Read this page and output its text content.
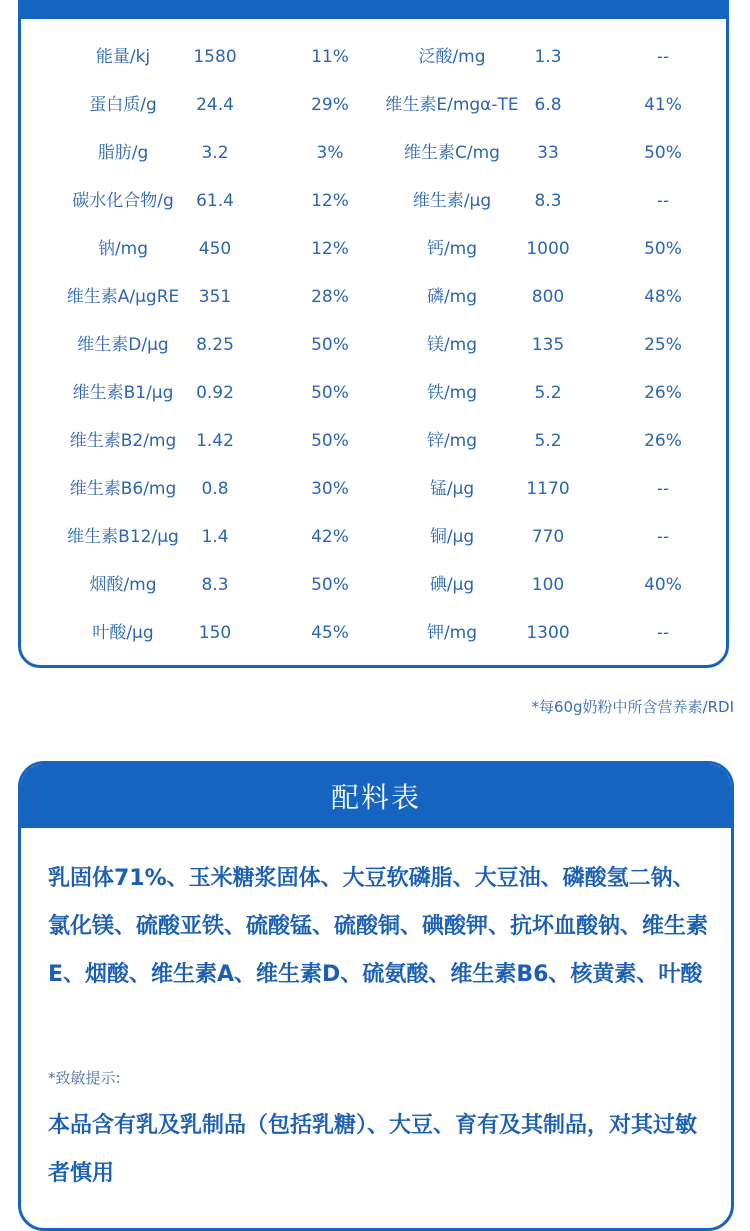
能量/kj	1580	11%	泛酸/mg	1.3	--
蛋白质/g 24.4	29% 维生素E/mgα-TE 6.8	41%
脂肪/g	3.2	3%	维生素C/mg 33	50%
碳水化合物/g 61.4	12%	维生素/μg	8.3	--
钠/mg	450	12%	钙/mg	1000	50%
维生素A/μgRE 351	28%	磷/mg	800	48%
维生素D/μg 8.25	50%	镁/mg	135	25%
维生素B1/μg 0.92	50%	铁/mg	5.2	26%
维生素B2/mg 1.42	50%	锌/mg	5.2	26%
维生素B6/mg 0.8	30%	锰/μg	1170	--
维生素B12/μg 1.4	42%	铜/μg	770	--
烟酸/mg	8.3	50%	碘/μg	100	40%
叶酸/μg	150	45%	钾/mg	1300	--
*每60g奶粉中所含营养素/RDI
配料表
乳固体71%、玉米糖浆固体、大豆软磷脂、大豆油、磷酸氢二钠、氯化镁、硫酸亚铁、硫酸锰、硫酸铜、碘酸钾、抗坏血酸钠、维生素E、烟酸、维生素A、维生素D、硫氨酸、维生素B6、核黄素、叶酸
*致敏提示:
本品含有乳及乳制品（包括乳糖）、大豆、育有及其制品，对其过敏者慎用
